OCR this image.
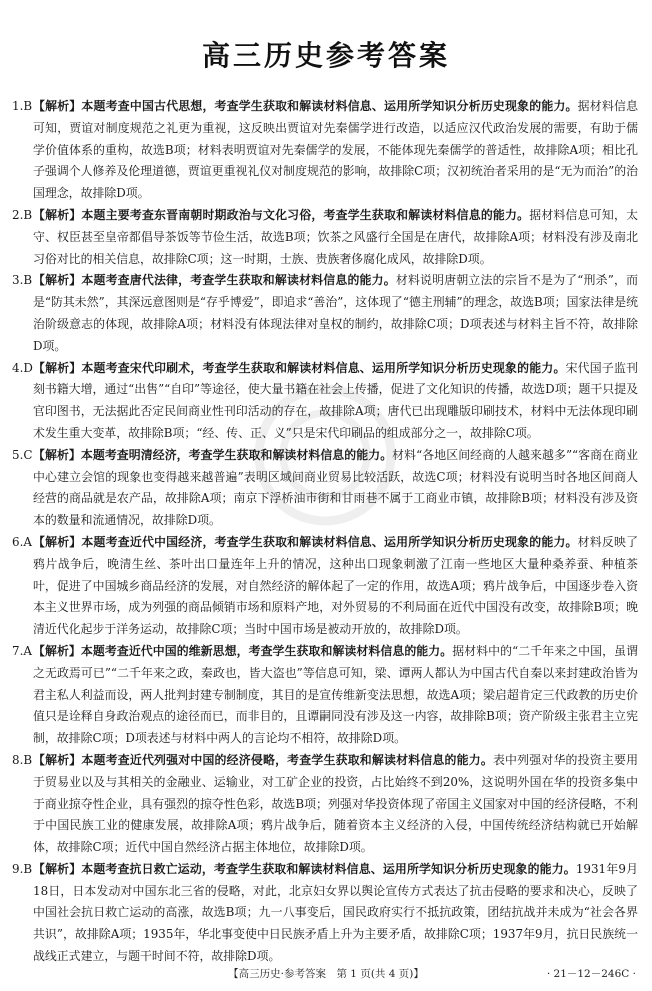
高三历史参考答案
1.B 【解析】本题考查中国古代思想，考查学生获取和解读材料信息、运用所学知识分析历史现象的能力。据材料信息可知，贾谊对制度规范之礼更为重视，这反映出贾谊对先秦儒学进行改造，以适应汉代政治发展的需要，有助于儒学价值体系的重构，故选B项；材料表明贾谊对先秦儒学的发展，不能体现先秦儒学的普适性，故排除A项；相比孔子强调个人修养及伦理道德，贾谊更重视礼仪对制度规范的影响，故排除C项；汉初统治者采用的是“无为而治”的治国理念，故排除D项。
2.B 【解析】本题主要考查东晋南朝时期政治与文化习俗，考查学生获取和解读材料信息的能力。据材料信息可知，太守、权臣甚至皇帝都倡导茶饭等节俭生活，故选B项；饮茶之风盛行全国是在唐代，故排除A项；材料没有涉及南北习俗对比的相关信息，故排除C项；这一时期，士族、贵族奢侈腐化成风，故排除D项。
3.B 【解析】本题考查唐代法律，考查学生获取和解读材料信息的能力。材料说明唐朝立法的宗旨不是为了“刑杀”，而是“防其未然”，其深远意图则是“存乎博爱”，即追求“善治”，这体现了“德主刑辅”的理念，故选B项；国家法律是统治阶级意志的体现，故排除A项；材料没有体现法律对皇权的制约，故排除C项；D项表述与材料主旨不符，故排除D项。
4.D 【解析】本题考查宋代印刷术，考查学生获取和解读材料信息、运用所学知识分析历史现象的能力。宋代国子监刊刻书籍大增，通过“出售”“自印”等途径，使大量书籍在社会上传播，促进了文化知识的传播，故选D项；题干只提及官印图书，无法据此否定民间商业性刊印活动的存在，故排除A项；唐代已出现雕版印刷技术，材料中无法体现印刷术发生重大变革，故排除B项；“经、传、正、义”只是宋代印刷品的组成部分之一，故排除C项。
5.C 【解析】本题考查明清经济，考查学生获取和解读材料信息的能力。材料“各地区间经商的人越来越多”“客商在商业中心建立会馆的现象也变得越来越普遍”表明区域间商业贸易比较活跃，故选C项；材料没有说明当时各地区间商人经营的商品就是农产品，故排除A项；南京下浮桥油市街和甘雨巷不属于工商业市镇，故排除B项；材料没有涉及资本的数量和流通情况，故排除D项。
6.A 【解析】本题考查近代中国经济，考查学生获取和解读材料信息、运用所学知识分析历史现象的能力。材料反映了鸦片战争后，晚清生丝、茶叶出口量连年上升的情况，这种出口现象刺激了江南一些地区大量种桑养蚕、种植茶叶，促进了中国城乡商品经济的发展，对自然经济的解体起了一定的作用，故选A项；鸦片战争后，中国逐步卷入资本主义世界市场，成为列强的商品倾销市场和原料产地，对外贸易的不利局面在近代中国没有改变，故排除B项；晚清近代化起步于洋务运动，故排除C项；当时中国市场是被动开放的，故排除D项。
7.A 【解析】本题考查近代中国的维新思想，考查学生获取和解读材料信息的能力。据材料中的“二千年来之中国，虽谓之无政焉可已”“二千年来之政，秦政也，皆大盗也”等信息可知，梁、谭两人都认为中国古代自秦以来封建政治皆为君主私人利益而设，两人批判封建专制制度，其目的是宣传维新变法思想，故选A项；梁启超肯定三代政教的历史价值只是诠释自身政治观点的途径而已，而非目的，且谭嗣同没有涉及这一内容，故排除B项；资产阶级主张君主立宪制，故排除C项；D项表述与材料中两人的言论均不相符，故排除D项。
8.B 【解析】本题考查近代列强对中国的经济侵略，考查学生获取和解读材料信息的能力。表中列强对华的投资主要用于贸易业以及与其相关的金融业、运输业，对工矿企业的投资，占比始终不到20%，这说明外国在华的投资多集中于商业掠夺性企业，具有强烈的掠夺性色彩，故选B项；列强对华投资体现了帝国主义国家对中国的经济侵略，不利于中国民族工业的健康发展，故排除A项；鸦片战争后，随着资本主义经济的入侵，中国传统经济结构就已开始解体，故排除C项；近代中国自然经济占据主体地位，故排除D项。
9.B 【解析】本题考查抗日救亡运动，考查学生获取和解读材料信息、运用所学知识分析历史现象的能力。1931年9月18日，日本发动对中国东北三省的侵略，对此，北京妇女界以舆论宣传方式表达了抗击侵略的要求和决心，反映了中国社会抗日救亡运动的高涨，故选B项；九一八事变后，国民政府实行不抵抗政策，团结抗战并未成为“社会各界共识”，故排除A项；1935年，华北事变使中日民族矛盾上升为主要矛盾，故排除C项；1937年9月，抗日民族统一战线正式建立，与题干时间不符，故排除D项。
【高三历史·参考答案　第 1 页(共 4 页)】	· 21－12－246C ·
